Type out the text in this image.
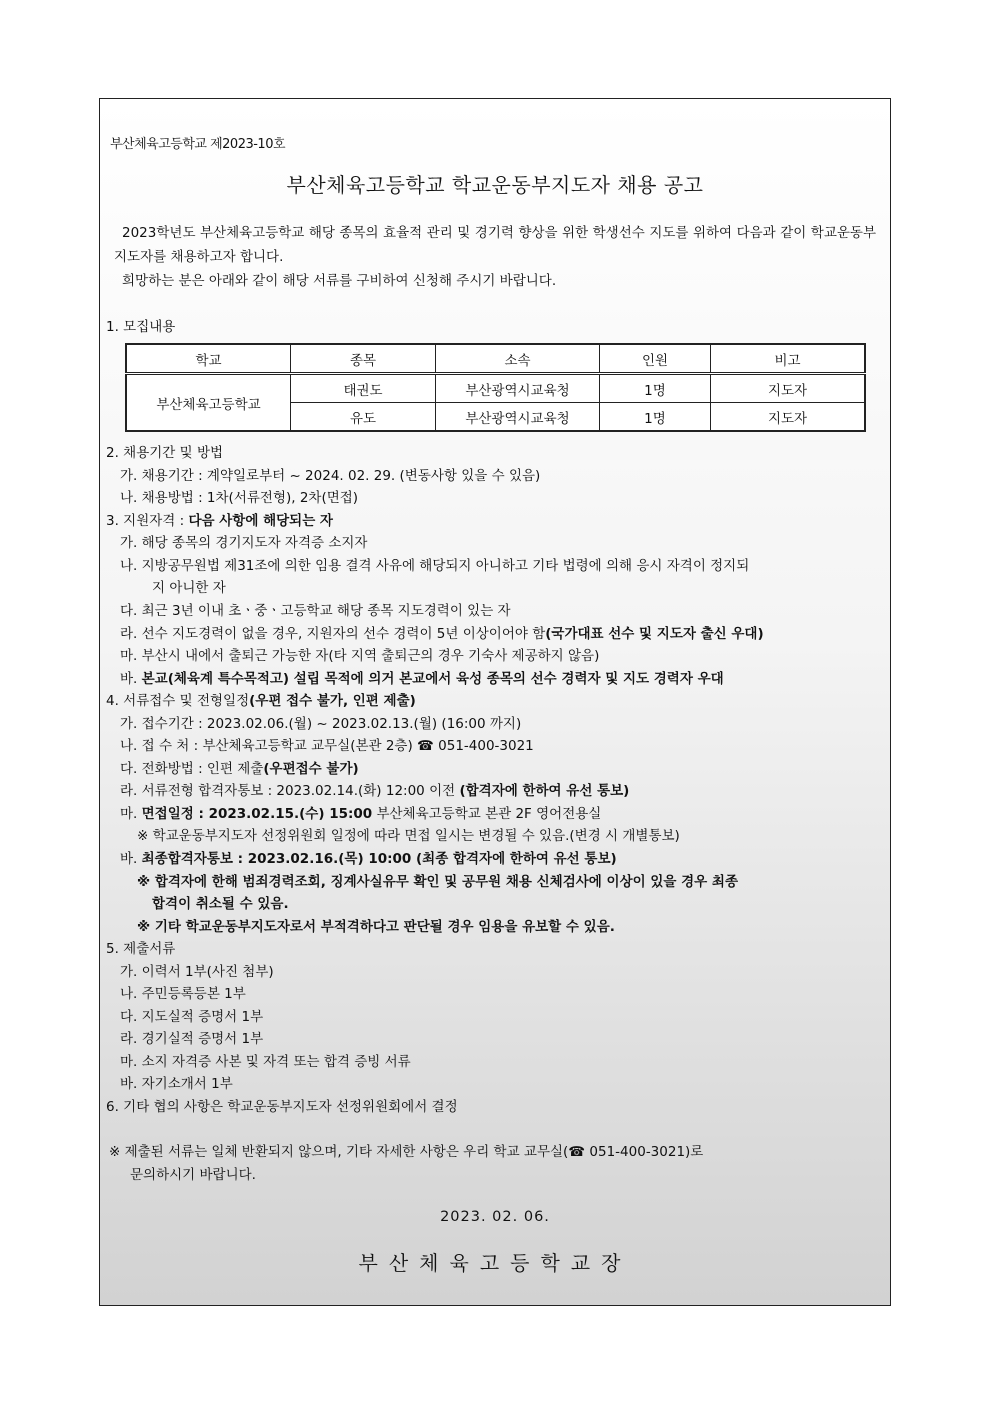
부산체육고등학교 제2023-10호
부산체육고등학교 학교운동부지도자 채용 공고

2023학년도 부산체육고등학교 해당 종목의 효율적 관리 및 경기력 향상을 위한 학생선수 지도를 위하여 다음과 같이 학교운동부지도자를 채용하고자 합니다.

희망하는 분은 아래와 같이 해당 서류를 구비하여 신청해 주시기 바랍니다.

1. 모집내용
학교	종목	소속	인원	비고
부산체육고등학교	태권도	부산광역시교육청	1명	지도자
	유도	부산광역시교육청	1명	지도자
2. 채용기간 및 방법
가. 채용기간 : 계약일로부터 ~ 2024. 02. 29. (변동사항 있을 수 있음)
나. 채용방법 : 1차(서류전형), 2차(면접)
3. 지원자격 : 다음 사항에 해당되는 자
가. 해당 종목의 경기지도자 자격증 소지자
나. 지방공무원법 제31조에 의한 임용 결격 사유에 해당되지 아니하고 기타 법령에 의해 응시 자격이 정지되
지 아니한 자
다. 최근 3년 이내 초ㆍ중ㆍ고등학교 해당 종목 지도경력이 있는 자
라. 선수 지도경력이 없을 경우, 지원자의 선수 경력이 5년 이상이어야 함(국가대표 선수 및 지도자 출신 우대)
마. 부산시 내에서 출퇴근 가능한 자(타 지역 출퇴근의 경우 기숙사 제공하지 않음)
바. 본교(체육계 특수목적고) 설립 목적에 의거 본교에서 육성 종목의 선수 경력자 및 지도 경력자 우대
4. 서류접수 및 전형일정(우편 접수 불가, 인편 제출)
가. 접수기간 : 2023.02.06.(월) ~ 2023.02.13.(월) (16:00 까지)
나. 접 수 처 : 부산체육고등학교 교무실(본관 2층) ☎ 051-400-3021
다. 전화방법 : 인편 제출(우편접수 불가)
라. 서류전형 합격자통보 : 2023.02.14.(화) 12:00 이전 (합격자에 한하여 유선 통보)
마. 면접일정 : 2023.02.15.(수) 15:00 부산체육고등학교 본관 2F 영어전용실
※ 학교운동부지도자 선정위원회 일정에 따라 면접 일시는 변경될 수 있음.(변경 시 개별통보)
바. 최종합격자통보 : 2023.02.16.(목) 10:00 (최종 합격자에 한하여 유선 통보)
※ 합격자에 한해 범죄경력조회, 징계사실유무 확인 및 공무원 채용 신체검사에 이상이 있을 경우 최종
합격이 취소될 수 있음.
※ 기타 학교운동부지도자로서 부적격하다고 판단될 경우 임용을 유보할 수 있음.
5. 제출서류
가. 이력서 1부(사진 첨부)
나. 주민등록등본 1부
다. 지도실적 증명서 1부
라. 경기실적 증명서 1부
마. 소지 자격증 사본 및 자격 또는 합격 증빙 서류
바. 자기소개서 1부
6. 기타 협의 사항은 학교운동부지도자 선정위원회에서 결정
※ 제출된 서류는 일체 반환되지 않으며, 기타 자세한 사항은 우리 학교 교무실(☎ 051-400-3021)로
문의하시기 바랍니다.
2023. 02. 06.
부산체육고등학교장
